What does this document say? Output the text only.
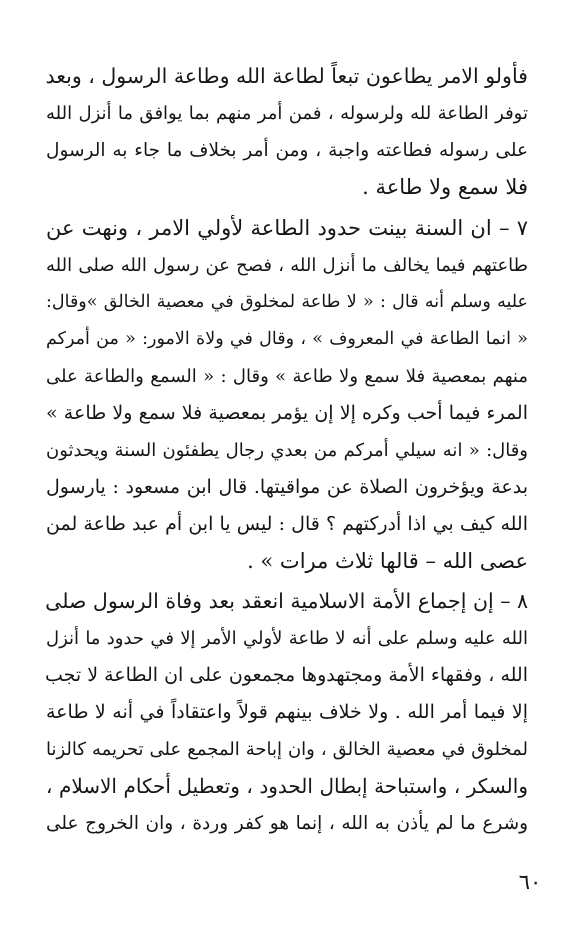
فأولو الامر يطاعون تبعاً لطاعة الله وطاعة الرسول ، وبعد
توفر الطاعة لله ولرسوله ، فمن أمر منهم بما يوافق ما أنزل الله
على رسوله فطاعته واجبة ، ومن أمر بخلاف ما جاء به الرسول
فلا سمع ولا طاعة .
٧ – ان السنة بينت حدود الطاعة لأولي الامر ، ونهت عن
طاعتهم فيما يخالف ما أنزل الله ، فصح عن رسول الله صلى الله
عليه وسلم أنه قال : « لا طاعة لمخلوق في معصية الخالق »وقال:
« انما الطاعة في المعروف » ، وقال في ولاة الامور: « من أمركم
منهم بمعصية فلا سمع ولا طاعة » وقال : « السمع والطاعة على
المرء فيما أحب وكره إلا إن يؤمر بمعصية فلا سمع ولا طاعة »
وقال: « انه سيلي أمركم من بعدي رجال يطفئون السنة ويحدثون
بدعة ويؤخرون الصلاة عن مواقيتها. قال ابن مسعود : يارسول
الله كيف بي اذا أدركتهم ؟ قال : ليس يا ابن أم عبد طاعة لمن
عصى الله – قالها ثلاث مرات » .
٨ – إن إجماع الأمة الاسلامية انعقد بعد وفاة الرسول صلى
الله عليه وسلم على أنه لا طاعة لأولي الأمر إلا في حدود ما أنزل
الله ، وفقهاء الأمة ومجتهدوها مجمعون على ان الطاعة لا تجب
إلا فيما أمر الله . ولا خلاف بينهم قولاً واعتقاداً في أنه لا طاعة
لمخلوق في معصية الخالق ، وان إباحة المجمع على تحريمه كالزنا
والسكر ، واستباحة إبطال الحدود ، وتعطيل أحكام الاسلام ،
وشرع ما لم يأذن به الله ، إنما هو كفر وردة ، وان الخروج على
٦٠
